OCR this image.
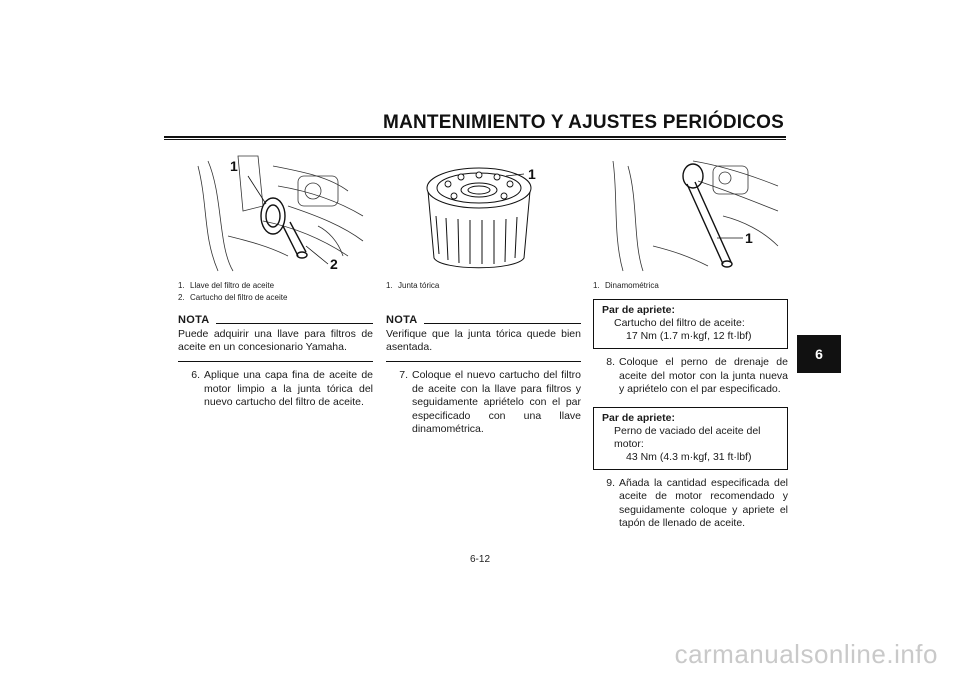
MANTENIMIENTO Y AJUSTES PERIÓDICOS
6
1
2
1. Llave del filtro de aceite
2. Cartucho del filtro de aceite
NOTA
Puede adquirir una llave para filtros de aceite en un concesionario Yamaha.
6. Aplique una capa fina de aceite de motor limpio a la junta tórica del nuevo cartucho del filtro de aceite.
1
1. Junta tórica
NOTA
Verifique que la junta tórica quede bien asentada.
7. Coloque el nuevo cartucho del filtro de aceite con la llave para filtros y seguidamente apriételo con el par especificado con una llave dinamométrica.
1
1. Dinamométrica
Par de apriete:
Cartucho del filtro de aceite:
17 Nm (1.7 m·kgf, 12 ft·lbf)
8. Coloque el perno de drenaje de aceite del motor con la junta nueva y apriételo con el par especificado.
Par de apriete:
Perno de vaciado del aceite del motor:
43 Nm (4.3 m·kgf, 31 ft·lbf)
9. Añada la cantidad especificada del aceite de motor recomendado y seguidamente coloque y apriete el tapón de llenado de aceite.
6-12
carmanualsonline.info
